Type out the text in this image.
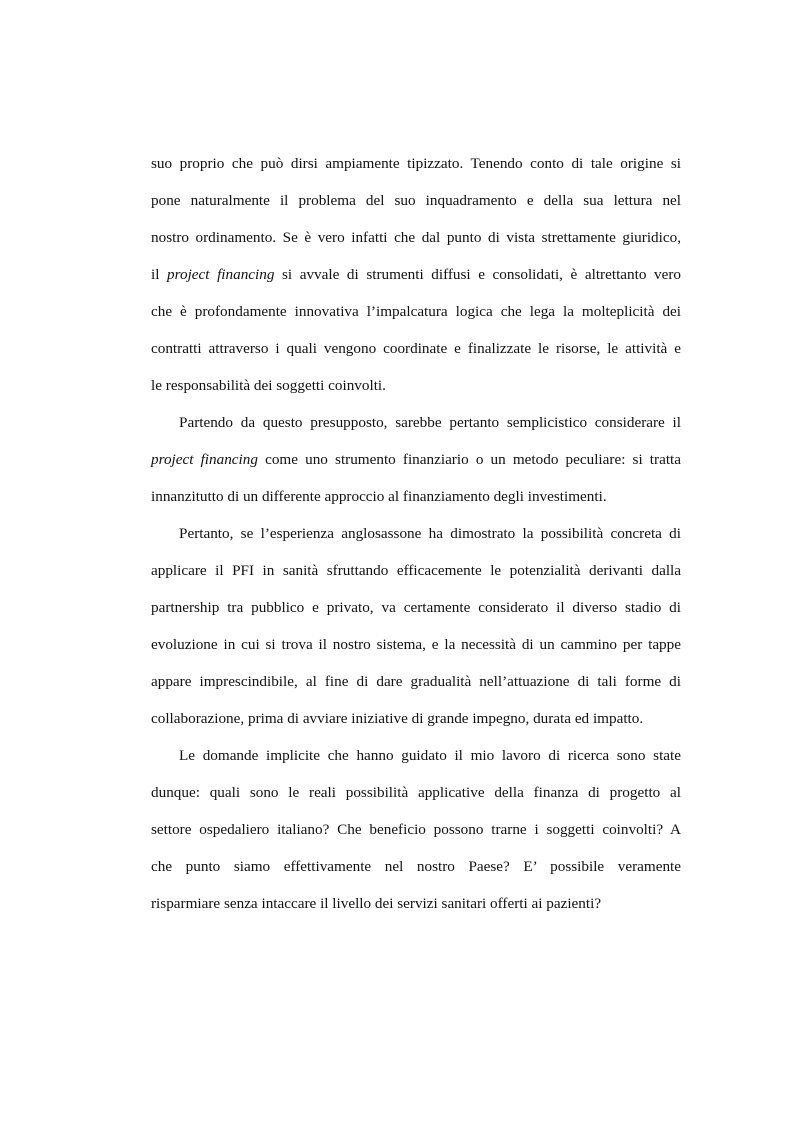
suo proprio che può dirsi ampiamente tipizzato. Tenendo conto di tale origine si
pone naturalmente il problema del suo inquadramento e della sua lettura nel
nostro ordinamento. Se è vero infatti che dal punto di vista strettamente giuridico,
il project financing si avvale di strumenti diffusi e consolidati, è altrettanto vero
che è profondamente innovativa l’impalcatura logica che lega la molteplicità dei
contratti attraverso i quali vengono coordinate e finalizzate le risorse, le attività e
le responsabilità dei soggetti coinvolti.
Partendo da questo presupposto, sarebbe pertanto semplicistico considerare il
project financing come uno strumento finanziario o un metodo peculiare: si tratta
innanzitutto di un differente approccio al finanziamento degli investimenti.
Pertanto, se l’esperienza anglosassone ha dimostrato la possibilità concreta di
applicare il PFI in sanità sfruttando efficacemente le potenzialità derivanti dalla
partnership tra pubblico e privato, va certamente considerato il diverso stadio di
evoluzione in cui si trova il nostro sistema, e la necessità di un cammino per tappe
appare imprescindibile, al fine di dare gradualità nell’attuazione di tali forme di
collaborazione, prima di avviare iniziative di grande impegno, durata ed impatto.
Le domande implicite che hanno guidato il mio lavoro di ricerca sono state
dunque: quali sono le reali possibilità applicative della finanza di progetto al
settore ospedaliero italiano? Che beneficio possono trarne i soggetti coinvolti? A
che punto siamo effettivamente nel nostro Paese? E’ possibile veramente
risparmiare senza intaccare il livello dei servizi sanitari offerti ai pazienti?
